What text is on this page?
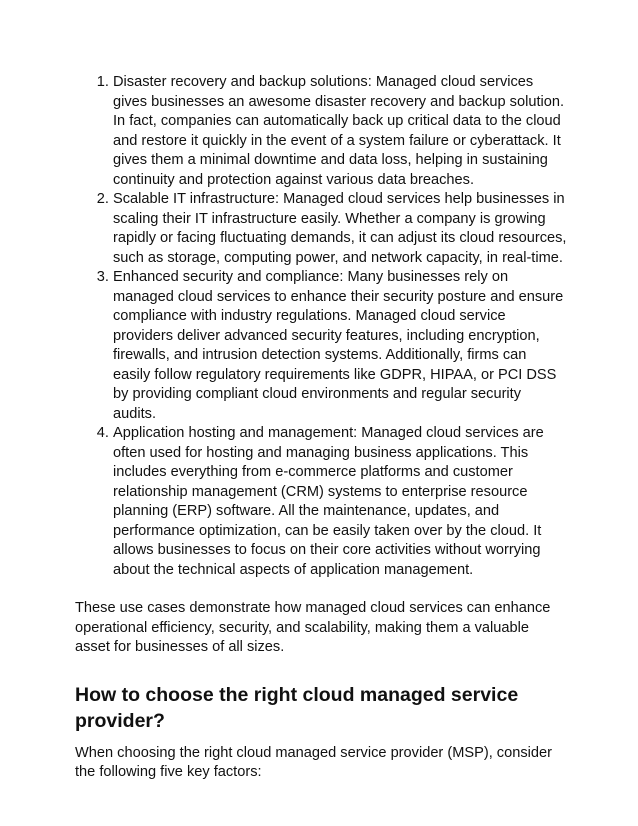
1. Disaster recovery and backup solutions: Managed cloud services gives businesses an awesome disaster recovery and backup solution. In fact, companies can automatically back up critical data to the cloud and restore it quickly in the event of a system failure or cyberattack. It gives them a minimal downtime and data loss, helping in sustaining continuity and protection against various data breaches.
2. Scalable IT infrastructure: Managed cloud services help businesses in scaling their IT infrastructure easily. Whether a company is growing rapidly or facing fluctuating demands, it can adjust its cloud resources, such as storage, computing power, and network capacity, in real-time.
3. Enhanced security and compliance: Many businesses rely on managed cloud services to enhance their security posture and ensure compliance with industry regulations. Managed cloud service providers deliver advanced security features, including encryption, firewalls, and intrusion detection systems. Additionally, firms can easily follow regulatory requirements like GDPR, HIPAA, or PCI DSS by providing compliant cloud environments and regular security audits.
4. Application hosting and management: Managed cloud services are often used for hosting and managing business applications. This includes everything from e-commerce platforms and customer relationship management (CRM) systems to enterprise resource planning (ERP) software. All the maintenance, updates, and performance optimization, can be easily taken over by the cloud. It allows businesses to focus on their core activities without worrying about the technical aspects of application management.

These use cases demonstrate how managed cloud services can enhance operational efficiency, security, and scalability, making them a valuable asset for businesses of all sizes.

How to choose the right cloud managed service provider?

When choosing the right cloud managed service provider (MSP), consider the following five key factors:
